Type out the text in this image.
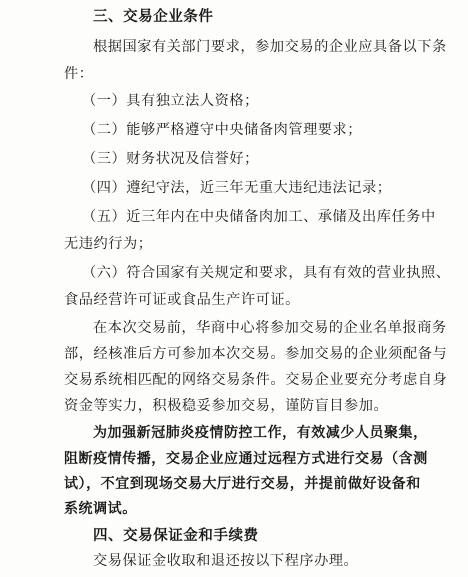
三、交易企业条件
根据国家有关部门要求，参加交易的企业应具备以下条
件：
（一）具有独立法人资格；
（二）能够严格遵守中央储备肉管理要求；
（三）财务状况及信誉好；
（四）遵纪守法，近三年无重大违纪违法记录；
（五）近三年内在中央储备肉加工、承储及出库任务中
无违约行为；
（六）符合国家有关规定和要求，具有有效的营业执照、
食品经营许可证或食品生产许可证。
在本次交易前，华商中心将参加交易的企业名单报商务
部，经核准后方可参加本次交易。参加交易的企业须配备与
交易系统相匹配的网络交易条件。交易企业要充分考虑自身
资金等实力，积极稳妥参加交易，谨防盲目参加。
为加强新冠肺炎疫情防控工作，有效减少人员聚集，
阻断疫情传播，交易企业应通过远程方式进行交易（含测
试），不宜到现场交易大厅进行交易，并提前做好设备和
系统调试。
四、交易保证金和手续费
交易保证金收取和退还按以下程序办理。
